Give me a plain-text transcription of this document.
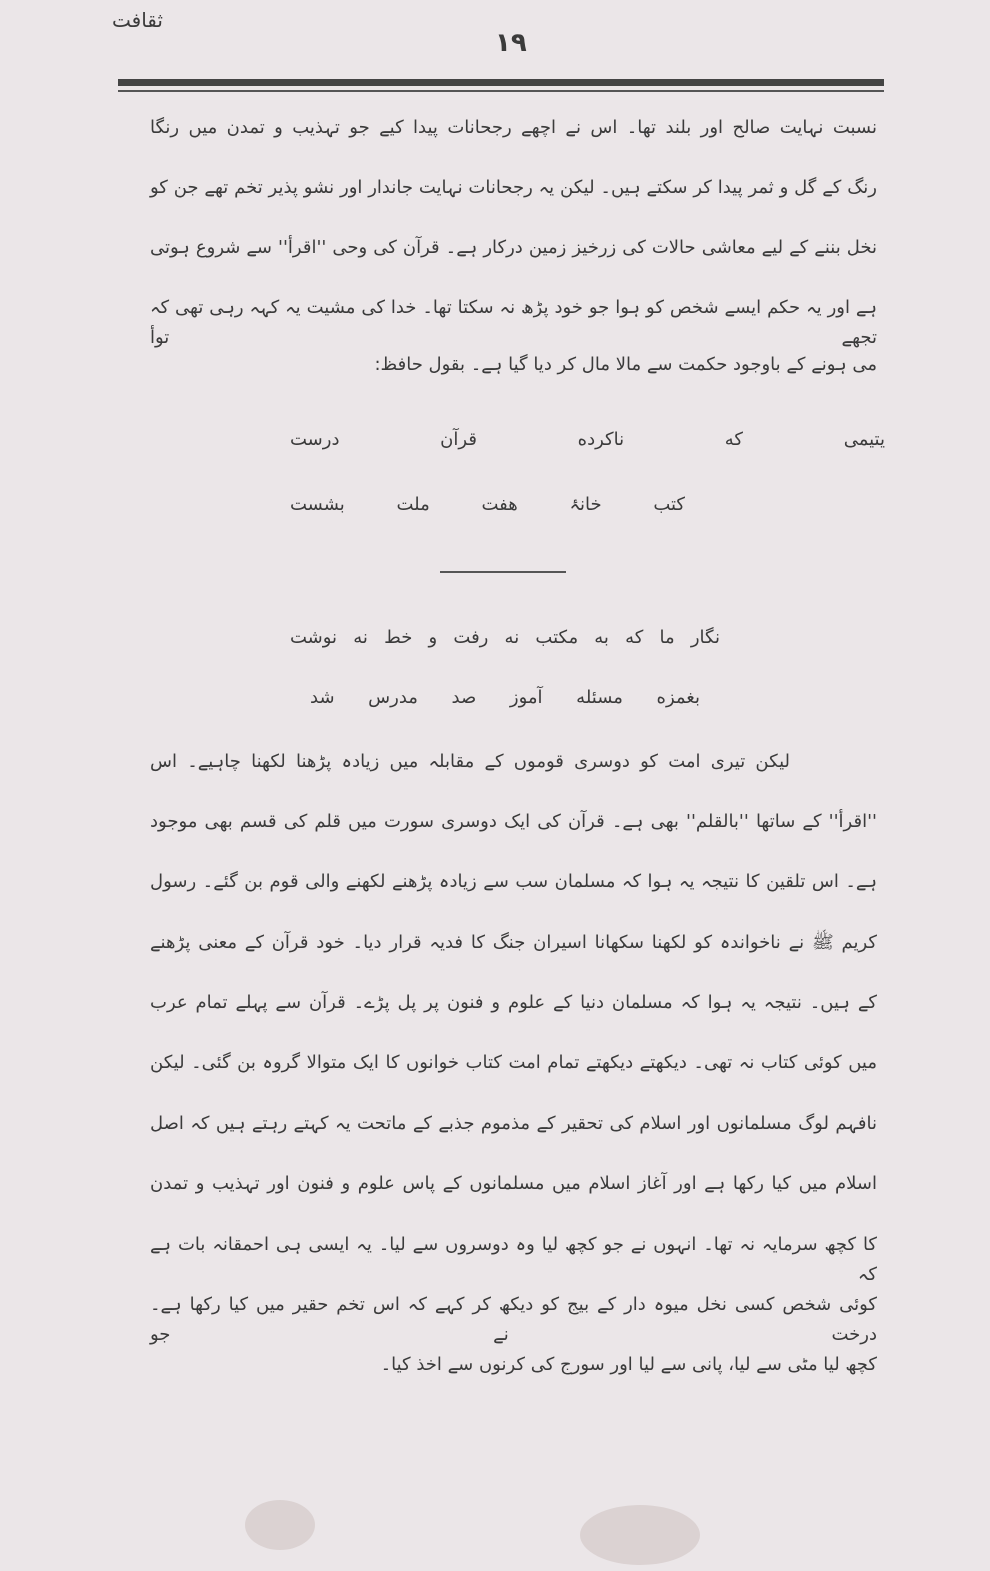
ثقافت
۱۹
نسبت نہایت صالح اور بلند تھا۔ اس نے اچھے رجحانات پیدا کیے جو تہذیب و تمدن میں رنگا
رنگ کے گل و ثمر پیدا کر سکتے ہیں۔ لیکن یہ رجحانات نہایت جاندار اور نشو پذیر تخم تھے جن کو
نخل بننے کے لیے معاشی حالات کی زرخیز زمین درکار ہے۔ قرآن کی وحی ''اقرأ'' سے شروع ہوتی
ہے اور یہ حکم ایسے شخص کو ہوا جو خود پڑھ نہ سکتا تھا۔ خدا کی مشیت یہ کہہ رہی تھی کہ تجھے توأ
می ہونے کے باوجود حکمت سے مالا مال کر دیا گیا ہے۔ بقول حافظ:
یتیمی که ناکرده قرآن درست
کتب خانۂ هفت ملت بشست
نگار ما که به مکتب نه رفت و خط نه نوشت
بغمزه مسئله آموز صد مدرس شد
لیکن تیری امت کو دوسری قوموں کے مقابلہ میں زیادہ پڑھنا لکھنا چاہیے۔ اس
''اقرأ'' کے ساتھا ''بالقلم'' بھی ہے۔ قرآن کی ایک دوسری سورت میں قلم کی قسم بھی موجود
ہے۔ اس تلقین کا نتیجہ یہ ہوا کہ مسلمان سب سے زیادہ پڑھنے لکھنے والی قوم بن گئے۔ رسول
کریم ﷺ نے ناخواندہ کو لکھنا سکھانا اسیران جنگ کا فدیہ قرار دیا۔ خود قرآن کے معنی پڑھنے
کے ہیں۔ نتیجہ یہ ہوا کہ مسلمان دنیا کے علوم و فنون پر پل پڑے۔ قرآن سے پہلے تمام عرب
میں کوئی کتاب نہ تھی۔ دیکھتے دیکھتے تمام امت کتاب خوانوں کا ایک متوالا گروہ بن گئی۔ لیکن
نافہم لوگ مسلمانوں اور اسلام کی تحقیر کے مذموم جذبے کے ماتحت یہ کہتے رہتے ہیں کہ اصل
اسلام میں کیا رکھا ہے اور آغاز اسلام میں مسلمانوں کے پاس علوم و فنون اور تہذیب و تمدن
کا کچھ سرمایہ نہ تھا۔ انہوں نے جو کچھ لیا وہ دوسروں سے لیا۔ یہ ایسی ہی احمقانہ بات ہے کہ
کوئی شخص کسی نخل میوہ دار کے بیج کو دیکھ کر کہے کہ اس تخم حقیر میں کیا رکھا ہے۔ درخت نے جو
کچھ لیا مٹی سے لیا، پانی سے لیا اور سورج کی کرنوں سے اخذ کیا۔
